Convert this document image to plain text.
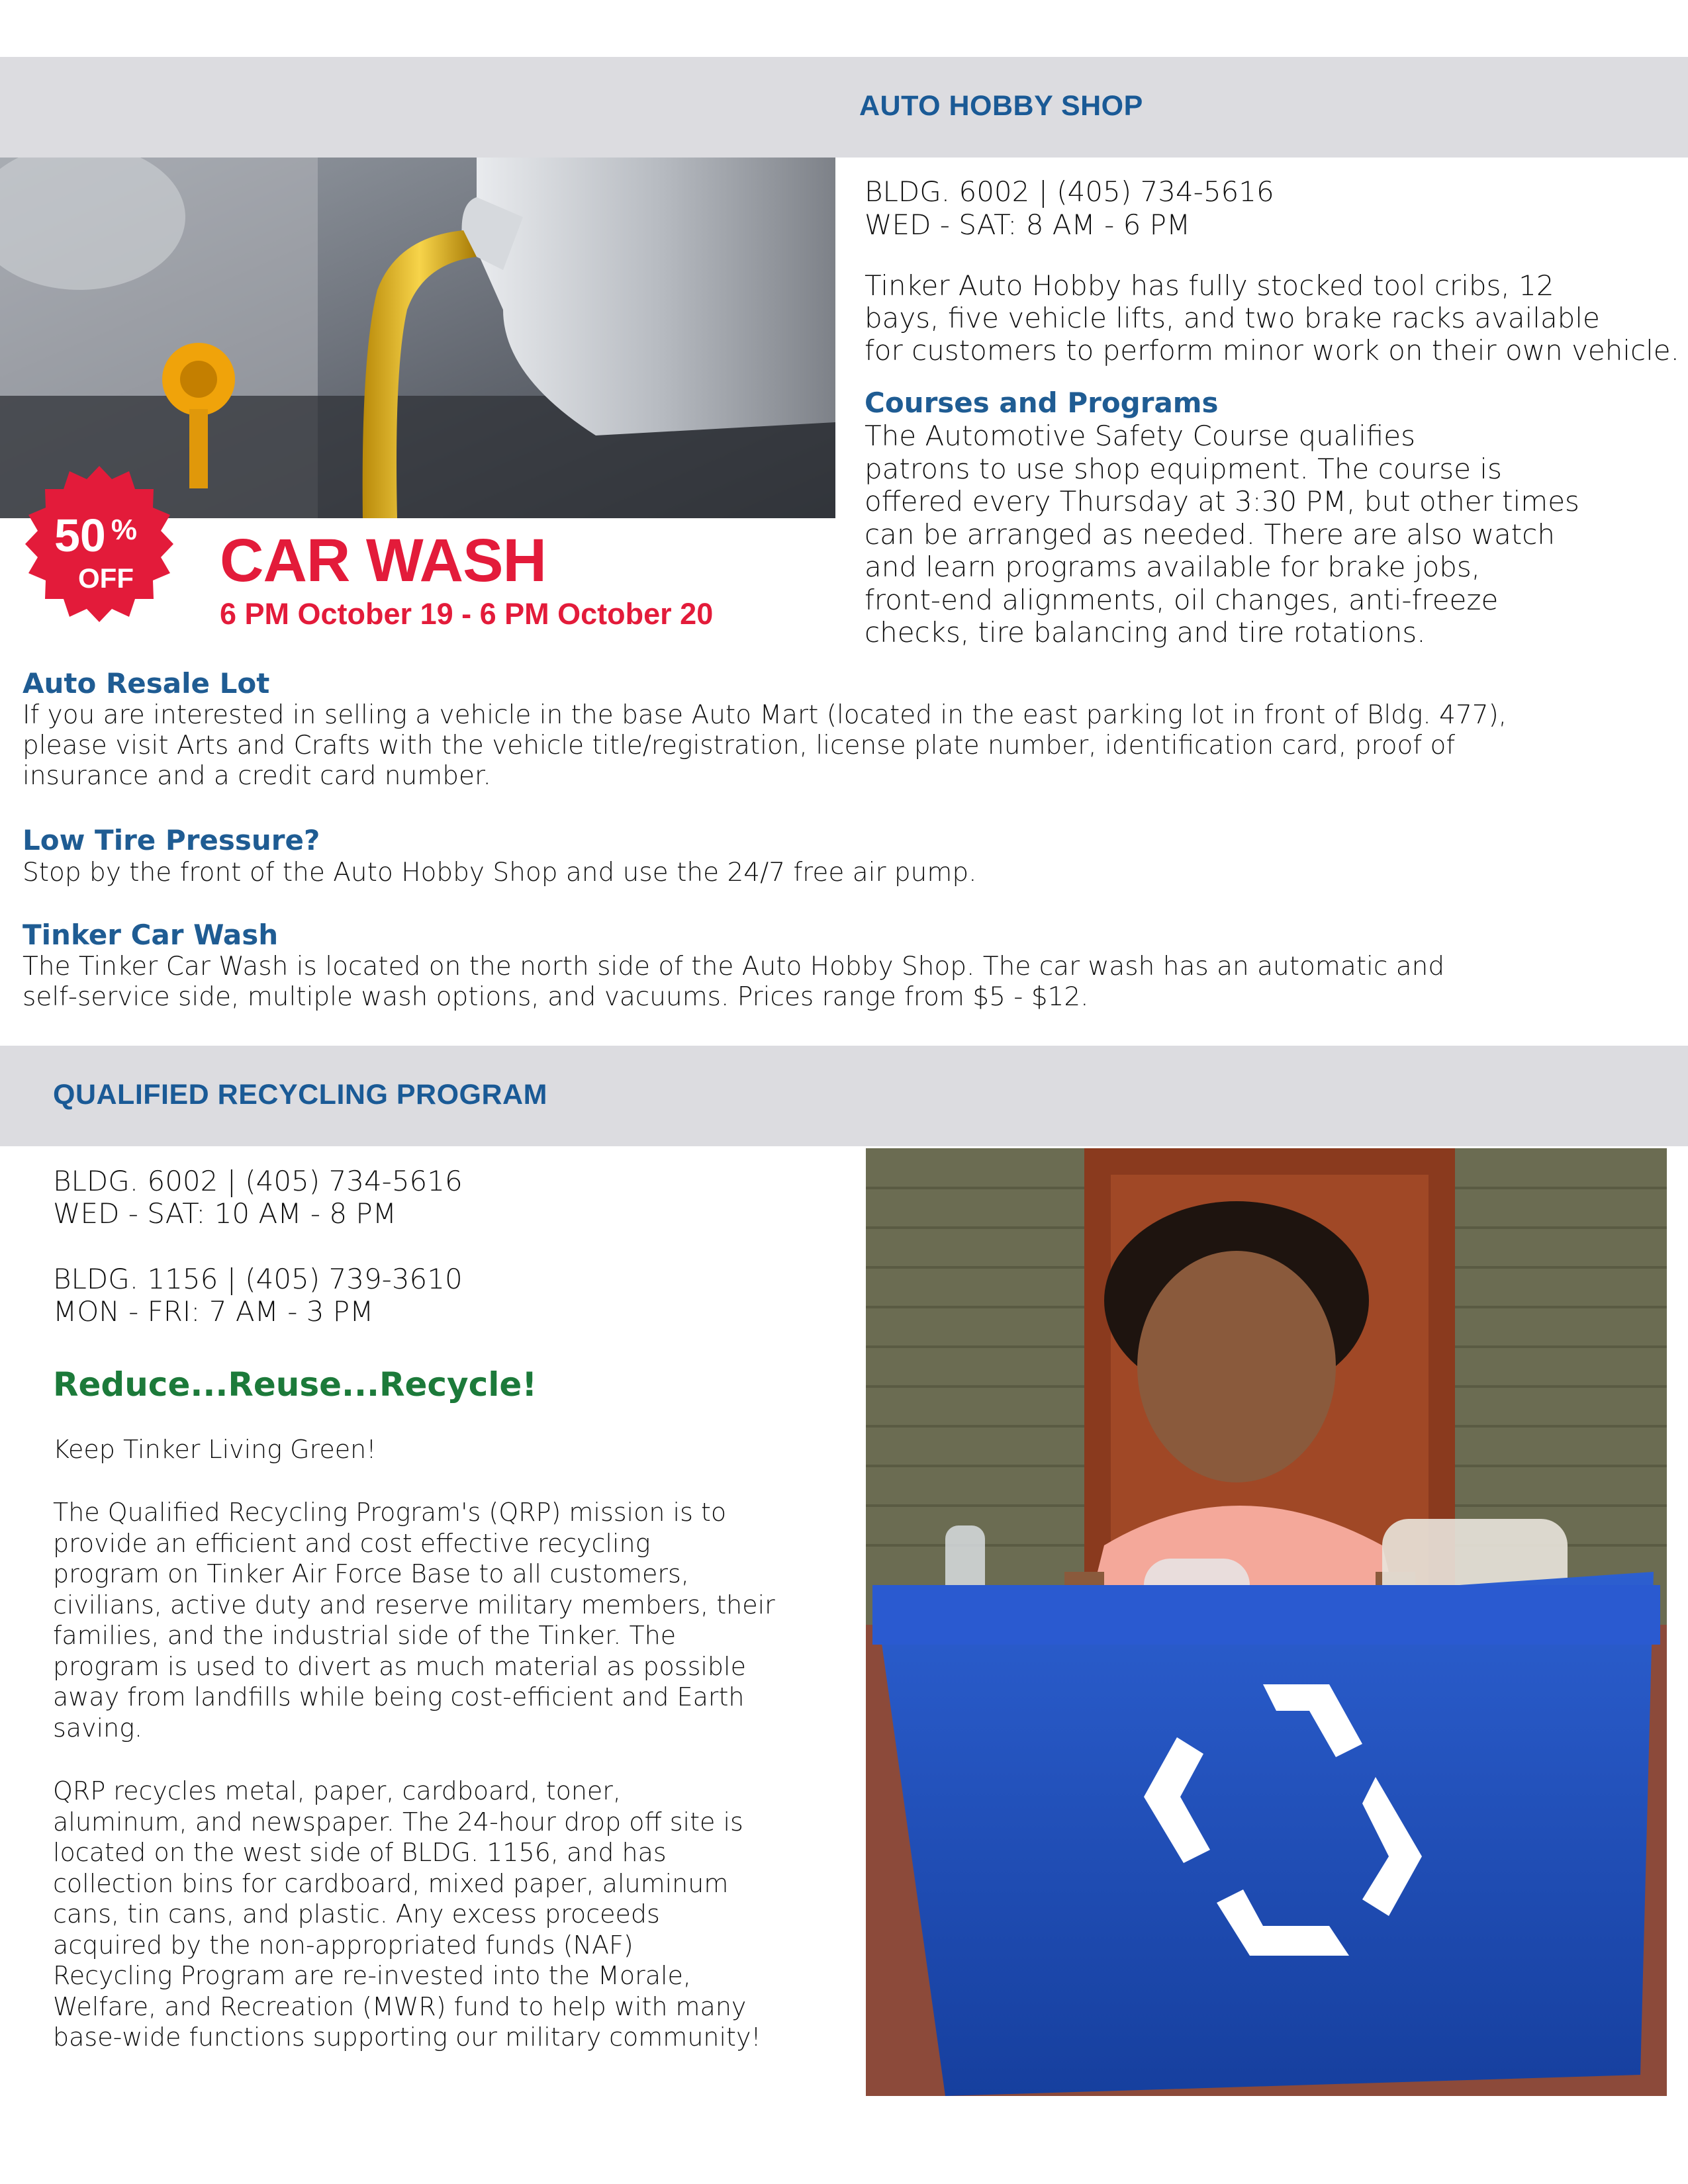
AUTO HOBBY SHOP
50 %
OFF CAR WASH
6 PM October 19 - 6 PM October 20
BLDG. 6002 | (405) 734-5616
WED - SAT: 8 AM - 6 PM
Tinker Auto Hobby has fully stocked tool cribs, 12
bays, five vehicle lifts, and two brake racks available
for customers to perform minor work on their own vehicle.
Courses and Programs
The Automotive Safety Course qualifies
patrons to use shop equipment. The course is
offered every Thursday at 3:30 PM, but other times
can be arranged as needed. There are also watch
and learn programs available for brake jobs,
front-end alignments, oil changes, anti-freeze
checks, tire balancing and tire rotations.
Auto Resale Lot
If you are interested in selling a vehicle in the base Auto Mart (located in the east parking lot in front of Bldg. 477),
please visit Arts and Crafts with the vehicle title/registration, license plate number, identification card, proof of
insurance and a credit card number.
Low Tire Pressure?
Stop by the front of the Auto Hobby Shop and use the 24/7 free air pump.
Tinker Car Wash
The Tinker Car Wash is located on the north side of the Auto Hobby Shop. The car wash has an automatic and
self-service side, multiple wash options, and vacuums. Prices range from $5 - $12.
QUALIFIED RECYCLING PROGRAM
BLDG. 6002 | (405) 734-5616
WED - SAT: 10 AM - 8 PM
BLDG. 1156 | (405) 739-3610
MON - FRI: 7 AM - 3 PM
Reduce...Reuse...Recycle!
Keep Tinker Living Green!
The Qualified Recycling Program's (QRP) mission is to
provide an efficient and cost effective recycling
program on Tinker Air Force Base to all customers,
civilians, active duty and reserve military members, their
families, and the industrial side of the Tinker. The
program is used to divert as much material as possible
away from landfills while being cost-efficient and Earth
saving.
QRP recycles metal, paper, cardboard, toner,
aluminum, and newspaper. The 24-hour drop off site is
located on the west side of BLDG. 1156, and has
collection bins for cardboard, mixed paper, aluminum
cans, tin cans, and plastic. Any excess proceeds
acquired by the non-appropriated funds (NAF)
Recycling Program are re-invested into the Morale,
Welfare, and Recreation (MWR) fund to help with many
base-wide functions supporting our military community!
